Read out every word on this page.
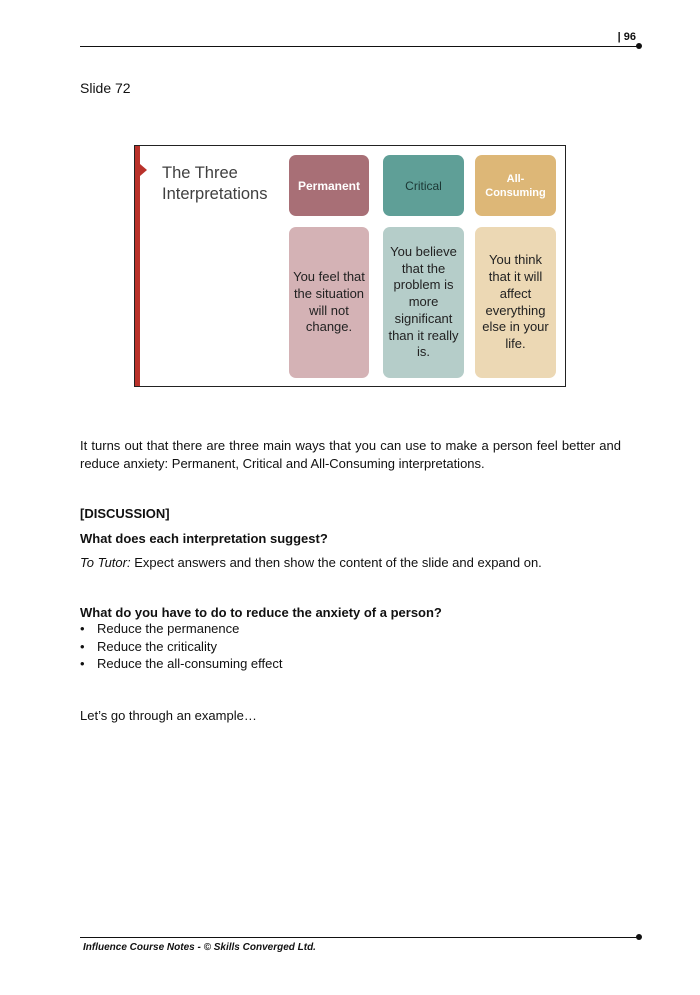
| 96
Slide 72
The Three Interpretations	Permanent	Critical	All-Consuming
You feel that the situation will not change.
You believe that the problem is more significant than it really is.
You think that it will affect everything else in your life.
It turns out that there are three main ways that you can use to make a person feel better and reduce anxiety: Permanent, Critical and All-Consuming interpretations.
[DISCUSSION]
What does each interpretation suggest?
To Tutor: Expect answers and then show the content of the slide and expand on.
What do you have to do to reduce the anxiety of a person?
• Reduce the permanence
• Reduce the criticality
• Reduce the all-consuming effect
Let’s go through an example…
Influence Course Notes - © Skills Converged Ltd.
